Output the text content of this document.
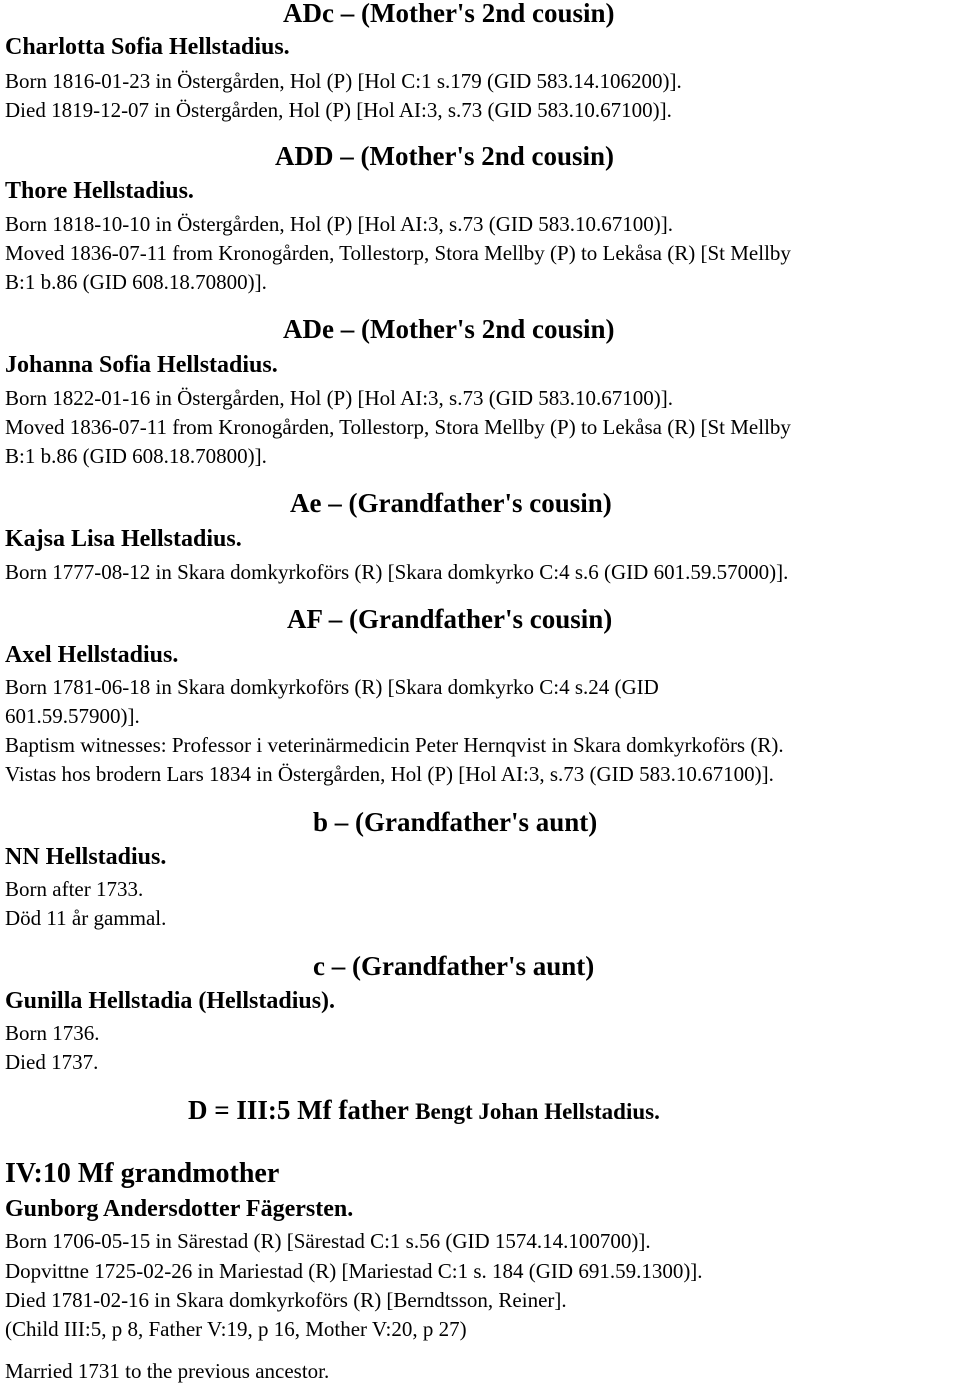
ADc – (Mother's 2nd cousin)
Charlotta Sofia Hellstadius.
Born 1816-01-23 in Östergården, Hol (P) [Hol C:1 s.179 (GID 583.14.106200)].
Died 1819-12-07 in Östergården, Hol (P) [Hol AI:3, s.73 (GID 583.10.67100)].
ADD – (Mother's 2nd cousin)
Thore Hellstadius.
Born 1818-10-10 in Östergården, Hol (P) [Hol AI:3, s.73 (GID 583.10.67100)].
Moved 1836-07-11 from Kronogården, Tollestorp, Stora Mellby (P) to Lekåsa (R) [St Mellby
B:1 b.86 (GID 608.18.70800)].
ADe – (Mother's 2nd cousin)
Johanna Sofia Hellstadius.
Born 1822-01-16 in Östergården, Hol (P) [Hol AI:3, s.73 (GID 583.10.67100)].
Moved 1836-07-11 from Kronogården, Tollestorp, Stora Mellby (P) to Lekåsa (R) [St Mellby
B:1 b.86 (GID 608.18.70800)].
Ae – (Grandfather's cousin)
Kajsa Lisa Hellstadius.
Born 1777-08-12 in Skara domkyrkoförs (R) [Skara domkyrko C:4 s.6 (GID 601.59.57000)].
AF – (Grandfather's cousin)
Axel Hellstadius.
Born 1781-06-18 in Skara domkyrkoförs (R) [Skara domkyrko C:4 s.24 (GID
601.59.57900)].
Baptism witnesses: Professor i veterinärmedicin Peter Hernqvist in Skara domkyrkoförs (R).
Vistas hos brodern Lars 1834 in Östergården, Hol (P) [Hol AI:3, s.73 (GID 583.10.67100)].
b – (Grandfather's aunt)
NN Hellstadius.
Born after 1733.
Död 11 år gammal.
c – (Grandfather's aunt)
Gunilla Hellstadia (Hellstadius).
Born 1736.
Died 1737.
D = III:5 Mf father Bengt Johan Hellstadius.
IV:10 Mf grandmother
Gunborg Andersdotter Fägersten.
Born 1706-05-15 in Särestad (R) [Särestad C:1 s.56 (GID 1574.14.100700)].
Dopvittne 1725-02-26 in Mariestad (R) [Mariestad C:1 s. 184 (GID 691.59.1300)].
Died 1781-02-16 in Skara domkyrkoförs (R) [Berndtsson, Reiner].
(Child III:5, p 8, Father V:19, p 16, Mother V:20, p 27)
Married 1731 to the previous ancestor.
